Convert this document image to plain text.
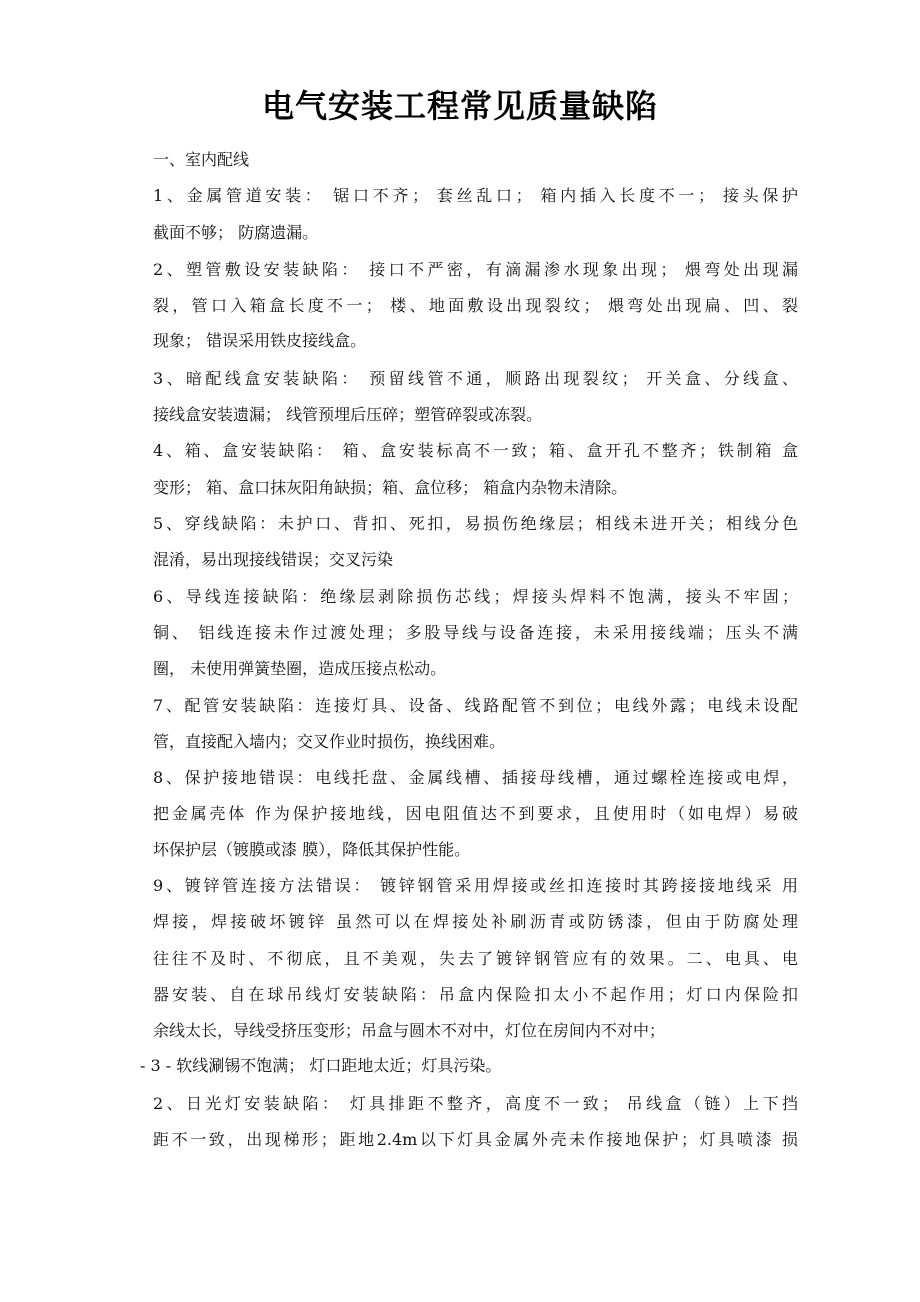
电气安装工程常见质量缺陷
一、室内配线
1、金属管道安装： 锯口不齐； 套丝乱口； 箱内插入长度不一； 接头保护
截面不够； 防腐遗漏。
2、塑管敷设安装缺陷： 接口不严密，有滴漏渗水现象出现； 煨弯处出现漏
裂，管口入箱盒长度不一； 楼、地面敷设出现裂纹； 煨弯处出现扁、凹、裂
现象； 错误采用铁皮接线盒。
3、暗配线盒安装缺陷： 预留线管不通，顺路出现裂纹； 开关盒、分线盒、
接线盒安装遗漏； 线管预埋后压碎；塑管碎裂或冻裂。
4、箱、盒安装缺陷： 箱、盒安装标高不一致；箱、盒开孔不整齐；铁制箱 盒
变形； 箱、盒口抹灰阳角缺损；箱、盒位移； 箱盒内杂物未清除。
5、穿线缺陷：未护口、背扣、死扣，易损伤绝缘层；相线未进开关；相线分色
混淆，易出现接线错误；交叉污染
6、导线连接缺陷：绝缘层剥除损伤芯线；焊接头焊料不饱满，接头不牢固；
铜、 铝线连接未作过渡处理；多股导线与设备连接，未采用接线端；压头不满
圈， 未使用弹簧垫圈，造成压接点松动。
7、配管安装缺陷：连接灯具、设备、线路配管不到位；电线外露；电线未设配
管，直接配入墙内；交叉作业时损伤，换线困难。
8、保护接地错误：电线托盘、金属线槽、插接母线槽，通过螺栓连接或电焊，
把金属壳体 作为保护接地线，因电阻值达不到要求，且使用时（如电焊）易破
坏保护层（镀膜或漆 膜），降低其保护性能。
9、镀锌管连接方法错误： 镀锌钢管采用焊接或丝扣连接时其跨接接地线采 用
焊接，焊接破坏镀锌 虽然可以在焊接处补刷沥青或防锈漆，但由于防腐处理
往往不及时、不彻底，且不美观，失去了镀锌钢管应有的效果。二、电具、电
器安装、自在球吊线灯安装缺陷：吊盒内保险扣太小不起作用；灯口内保险扣
余线太长，导线受挤压变形；吊盒与圆木不对中，灯位在房间内不对中；
- 3 - 软线涮锡不饱满； 灯口距地太近；灯具污染。
2、日光灯安装缺陷： 灯具排距不整齐，高度不一致； 吊线盒（链）上下挡
距不一致，出现梯形；距地2.4m以下灯具金属外壳未作接地保护；灯具喷漆 损
